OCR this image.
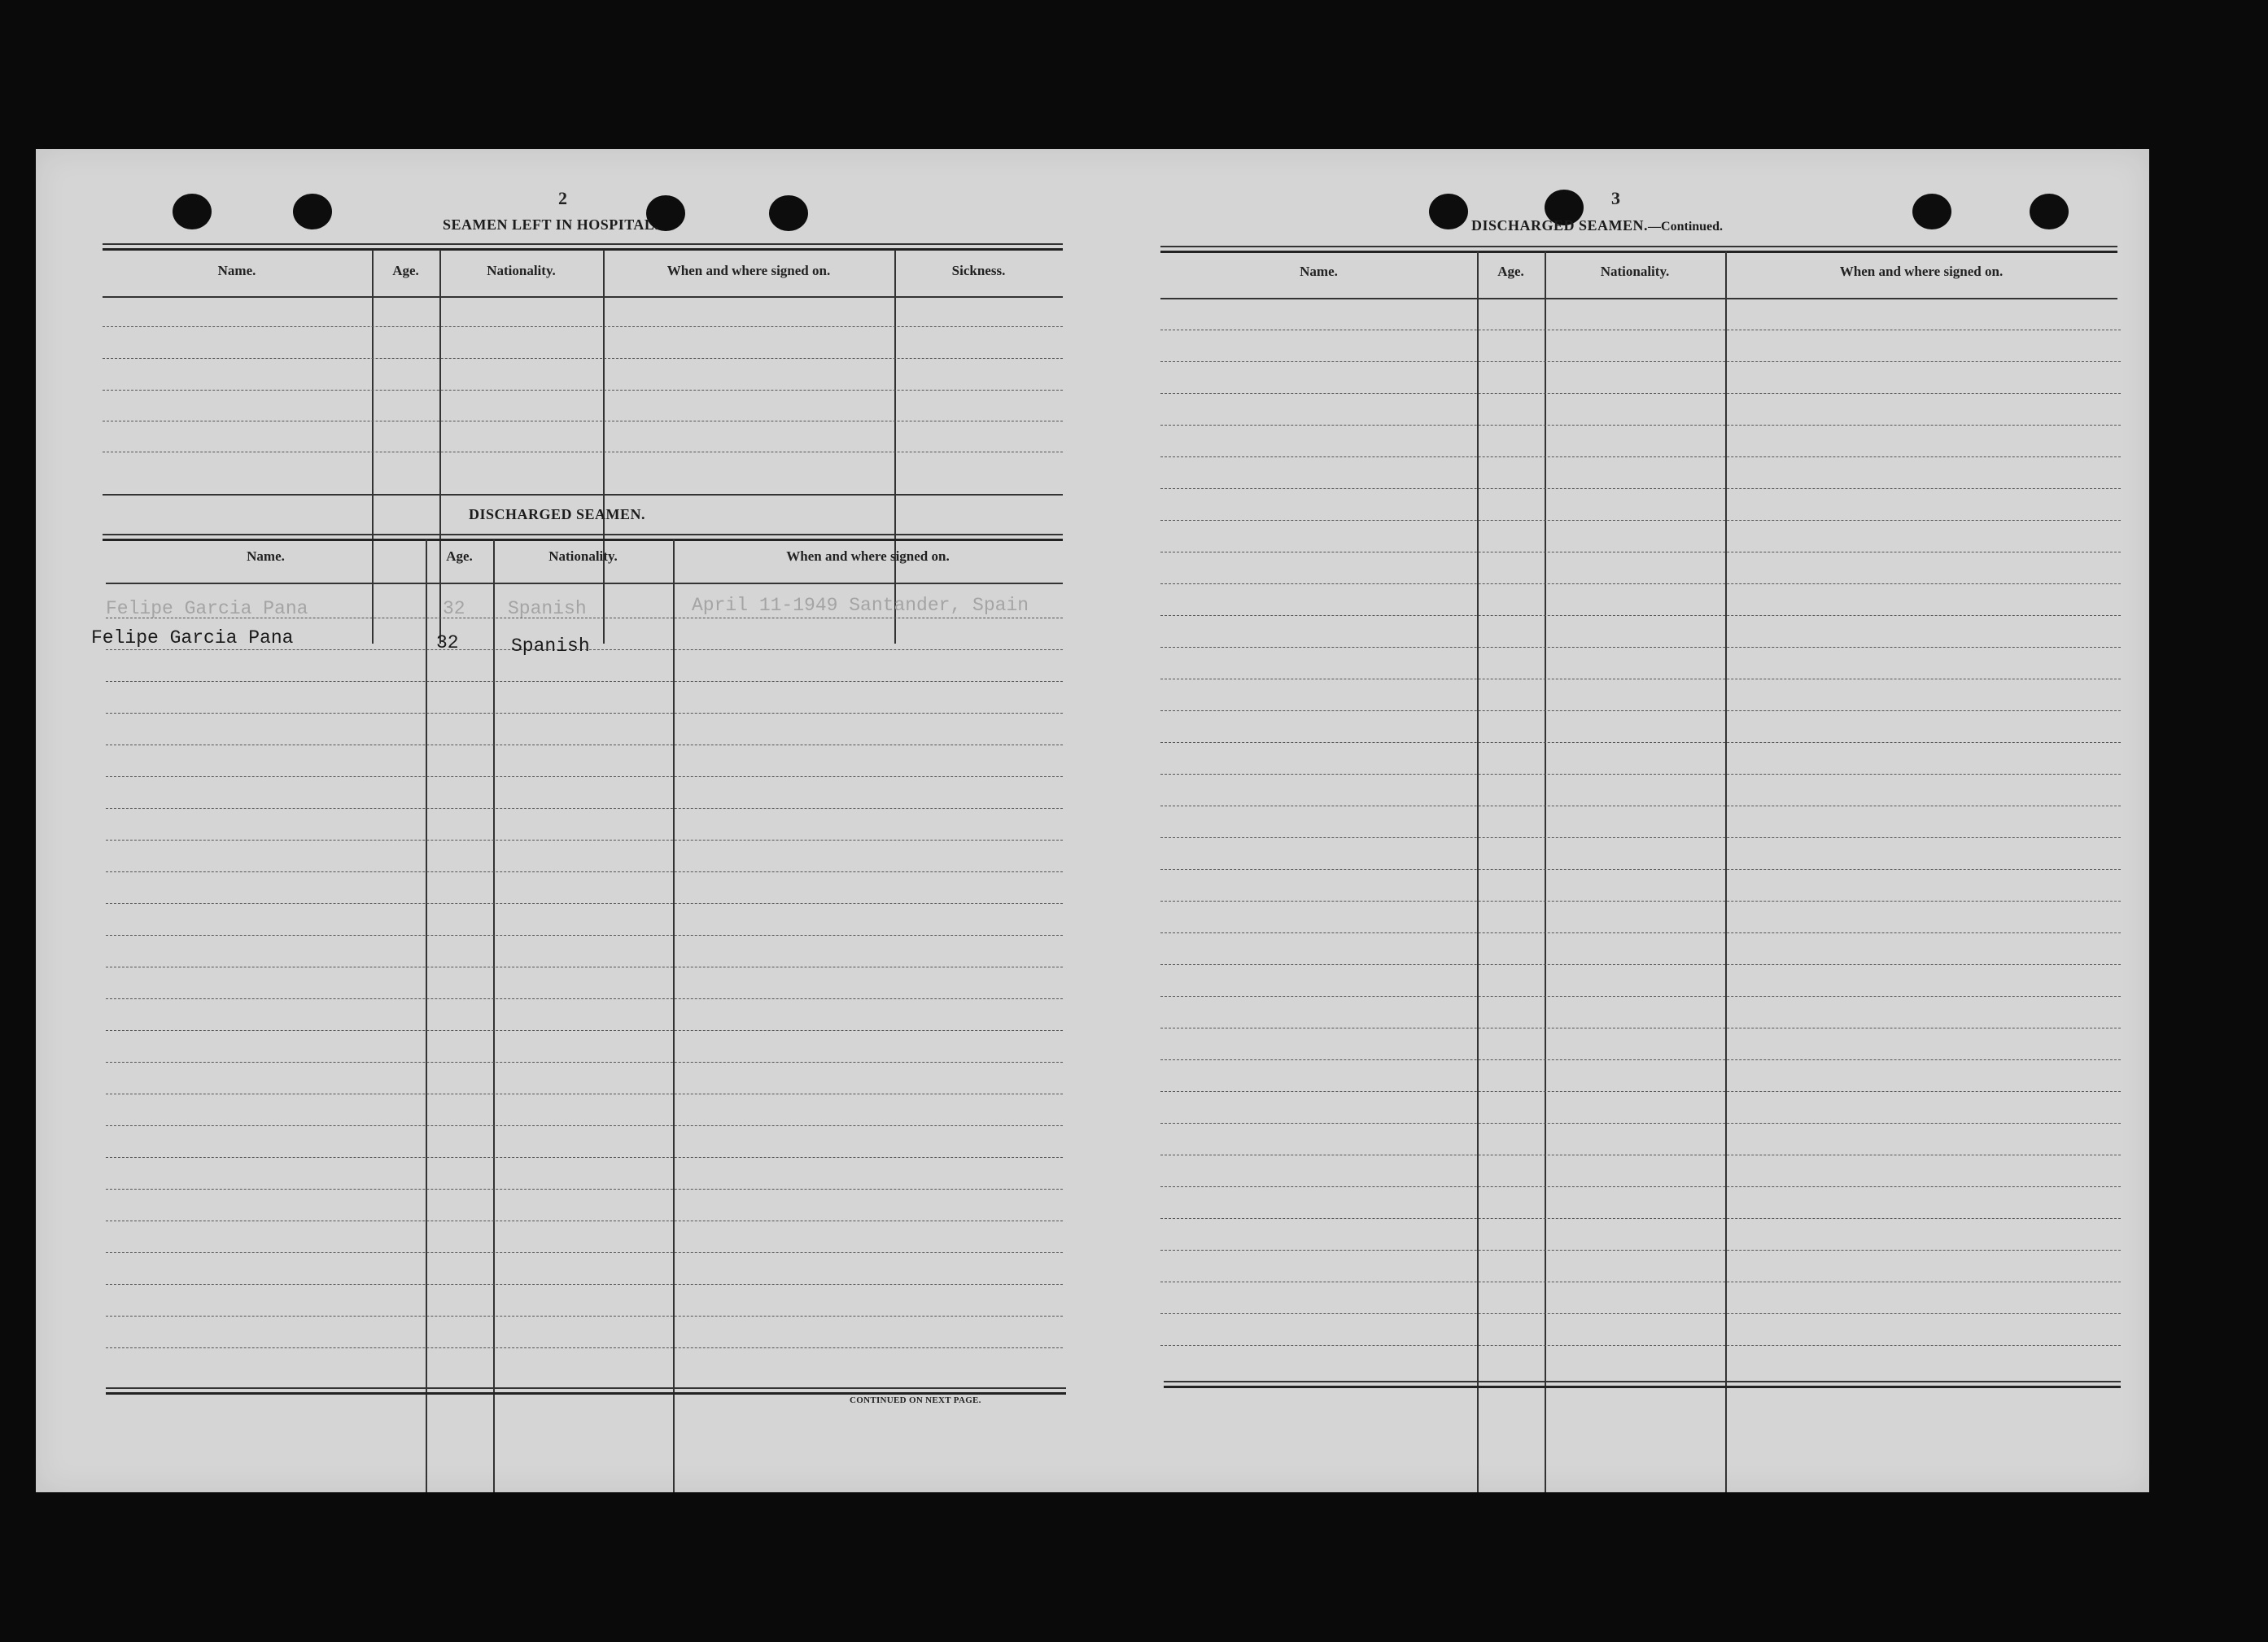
2
SEAMEN LEFT IN HOSPITAL.
Name.	Age.	Nationality.	When and where signed on.	Sickness.
DISCHARGED SEAMEN.
Name.	Age.	Nationality.	When and where signed on.
Felipe Garcia Pana	32 Spanish	April 11-1949 Santander, Spain
Felipe Garcia Pana	32	Spanish
CONTINUED ON NEXT PAGE.
3
DISCHARGED SEAMEN.—Continued.
Name.	Age.	Nationality.	When and where signed on.
